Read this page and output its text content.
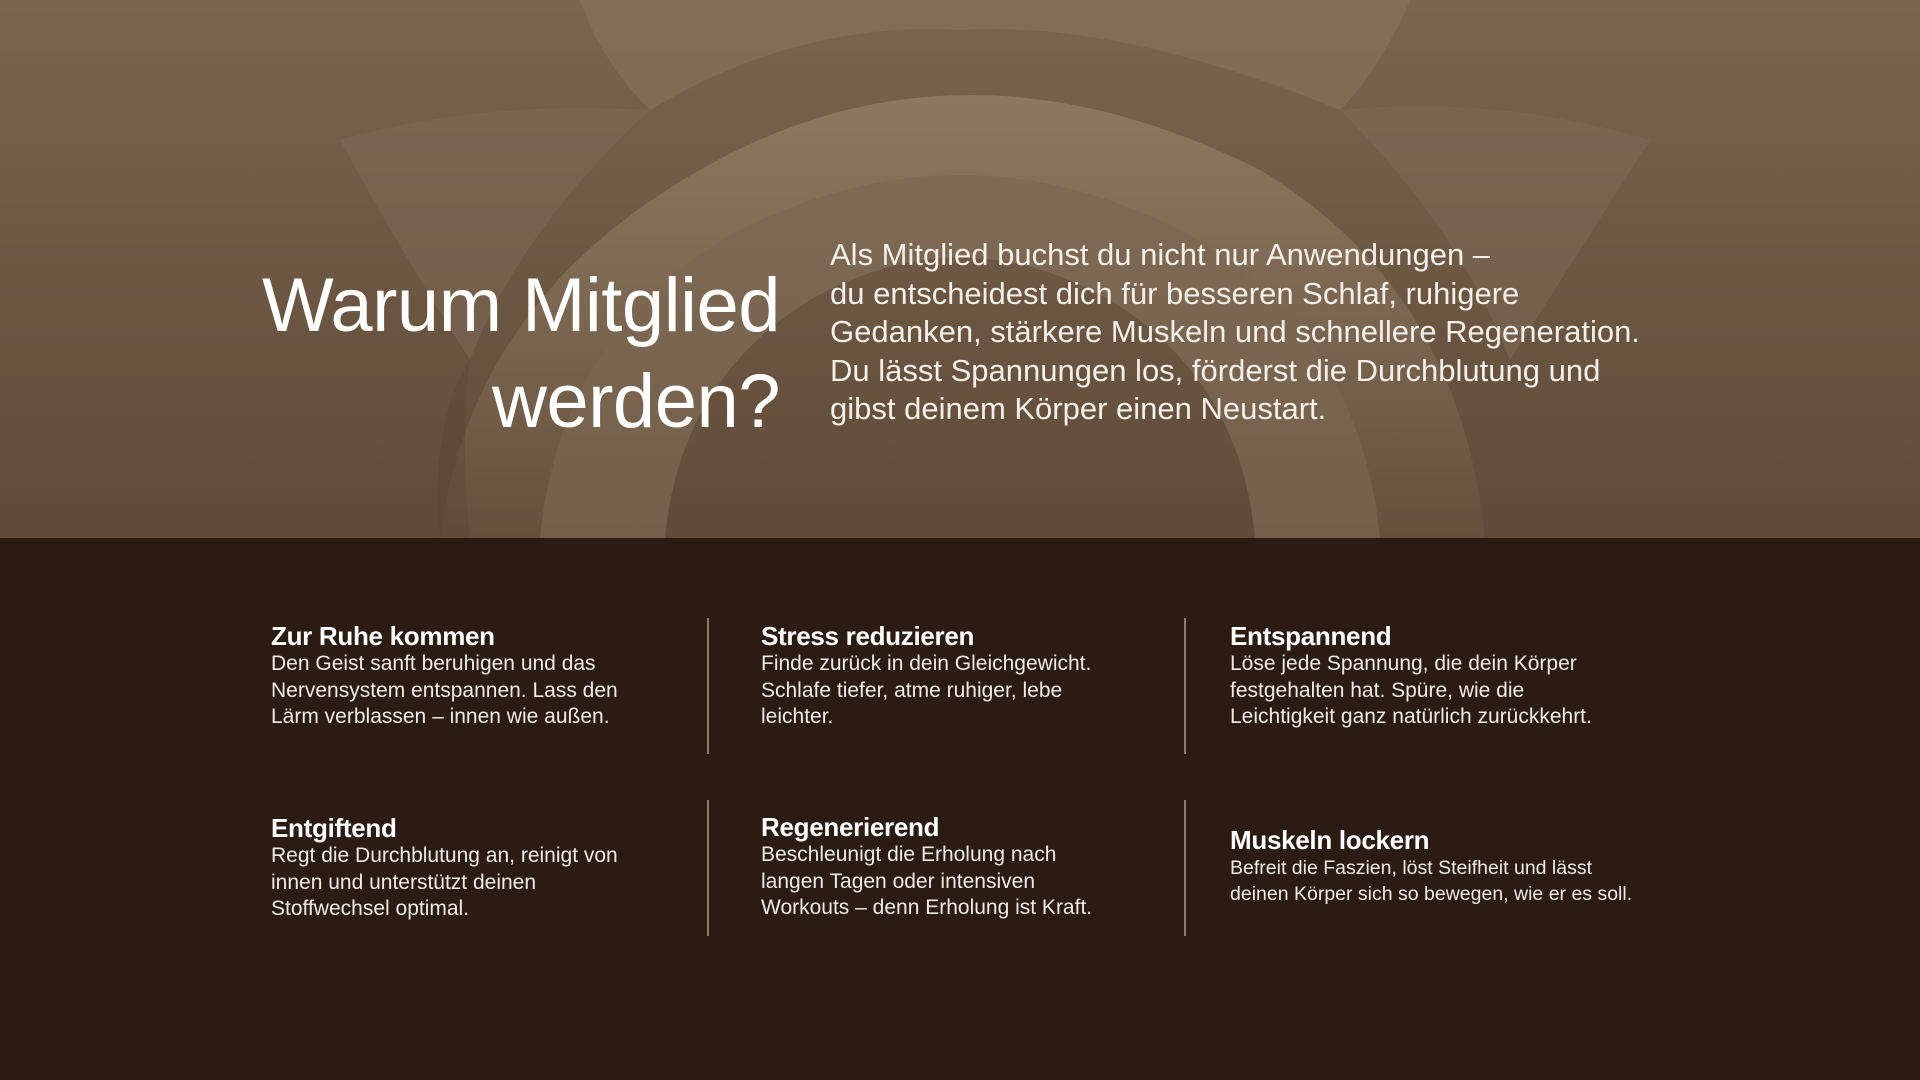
Warum Mitglied
werden?
Als Mitglied buchst du nicht nur Anwendungen –
du entscheidest dich für besseren Schlaf, ruhigere
Gedanken, stärkere Muskeln und schnellere Regeneration.
Du lässt Spannungen los, förderst die Durchblutung und
gibst deinem Körper einen Neustart.
Zur Ruhe kommen

Den Geist sanft beruhigen und das
Nervensystem entspannen. Lass den
Lärm verblassen – innen wie außen.

Stress reduzieren

Finde zurück in dein Gleichgewicht.
Schlafe tiefer, atme ruhiger, lebe
leichter.

Entspannend

Löse jede Spannung, die dein Körper
festgehalten hat. Spüre, wie die
Leichtigkeit ganz natürlich zurückkehrt.

Entgiftend

Regt die Durchblutung an, reinigt von
innen und unterstützt deinen
Stoffwechsel optimal.

Regenerierend

Beschleunigt die Erholung nach
langen Tagen oder intensiven
Workouts – denn Erholung ist Kraft.

Muskeln lockern

Befreit die Faszien, löst Steifheit und lässt
deinen Körper sich so bewegen, wie er es soll.
